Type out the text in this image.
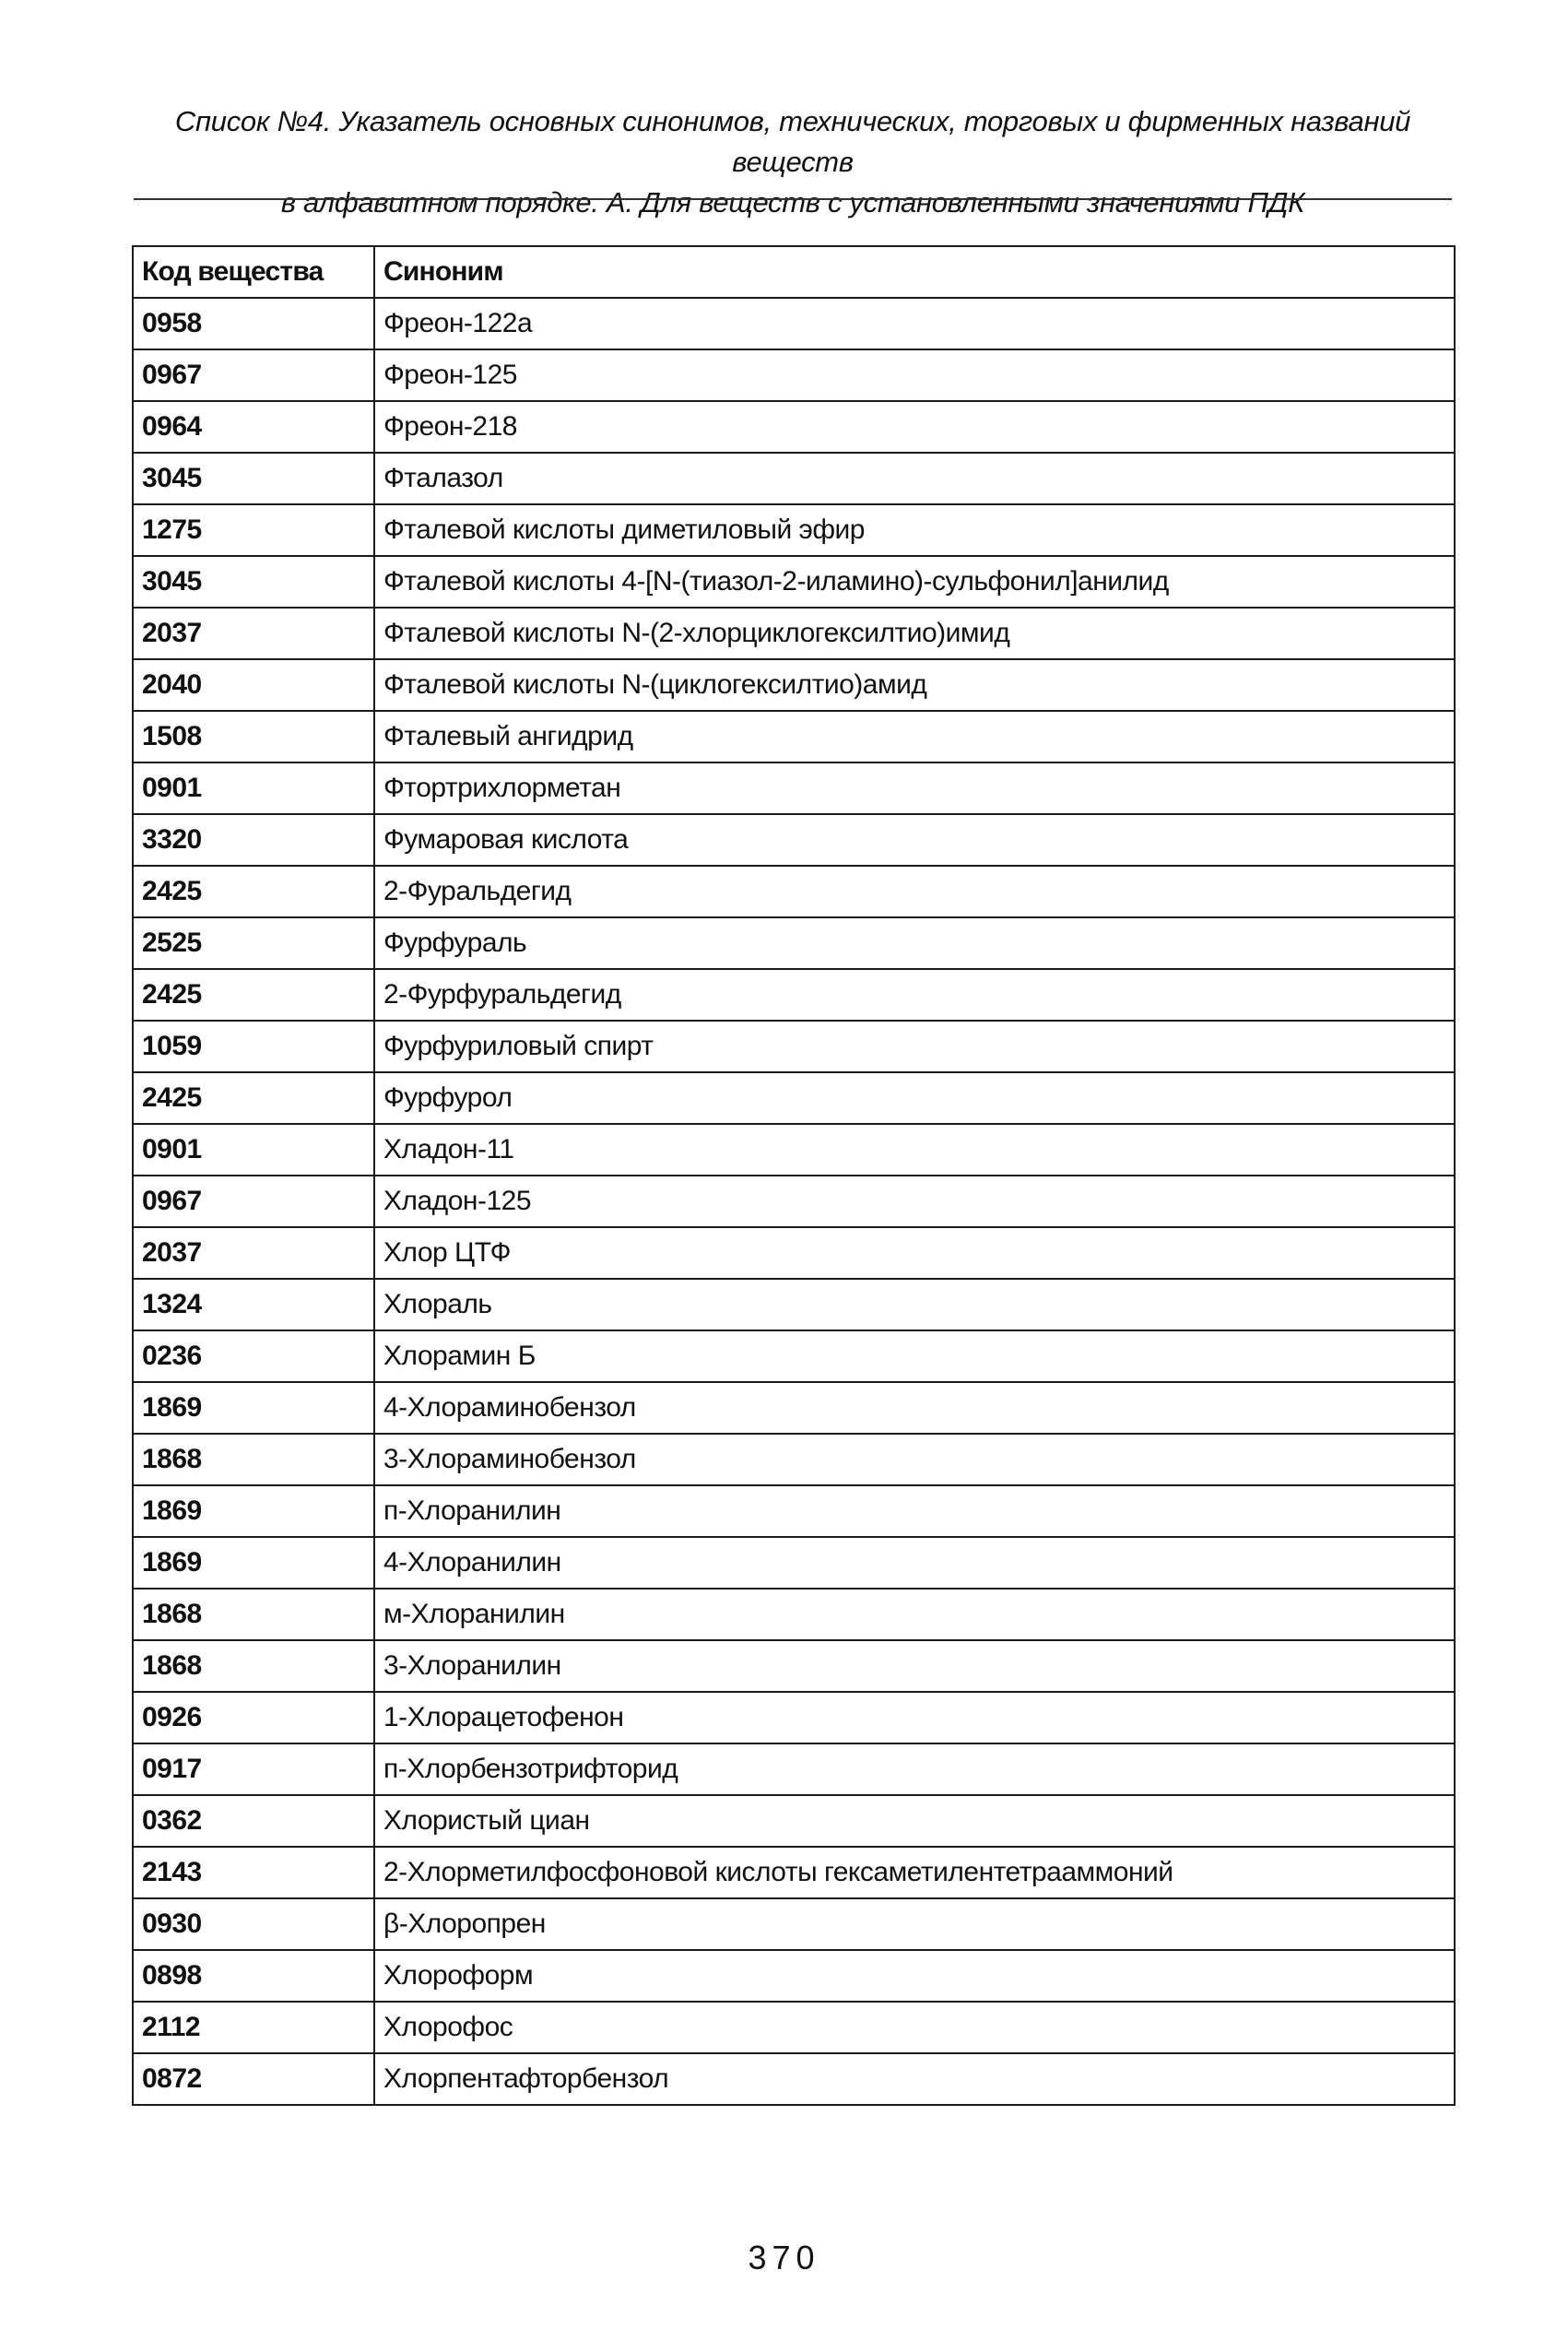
Список №4. Указатель основных синонимов, технических, торговых и фирменных названий веществ
в алфавитном порядке. А. Для веществ с установленными значениями ПДК
Код вещества	Синоним
0958	Фреон-122а
0967	Фреон-125
0964	Фреон-218
3045	Фталазол
1275	Фталевой кислоты диметиловый эфир
3045	Фталевой кислоты 4-[N-(тиазол-2-иламино)-сульфонил]анилид
2037	Фталевой кислоты N-(2-хлорциклогексилтио)имид
2040	Фталевой кислоты N-(циклогексилтио)амид
1508	Фталевый ангидрид
0901	Фтортрихлорметан
3320	Фумаровая кислота
2425	2-Фуральдегид
2525	Фурфураль
2425	2-Фурфуральдегид
1059	Фурфуриловый спирт
2425	Фурфурол
0901	Хладон-11
0967	Хладон-125
2037	Хлор ЦТФ
1324	Хлораль
0236	Хлорамин Б
1869	4-Хлораминобензол
1868	3-Хлораминобензол
1869	п-Хлоранилин
1869	4-Хлоранилин
1868	м-Хлоранилин
1868	3-Хлоранилин
0926	1-Хлорацетофенон
0917	п-Хлорбензотрифторид
0362	Хлористый циан
2143	2-Хлорметилфосфоновой кислоты гексаметилентетрааммоний
0930	β-Хлоропрен
0898	Хлороформ
2112	Хлорофос
0872	Хлорпентафторбензол
370
